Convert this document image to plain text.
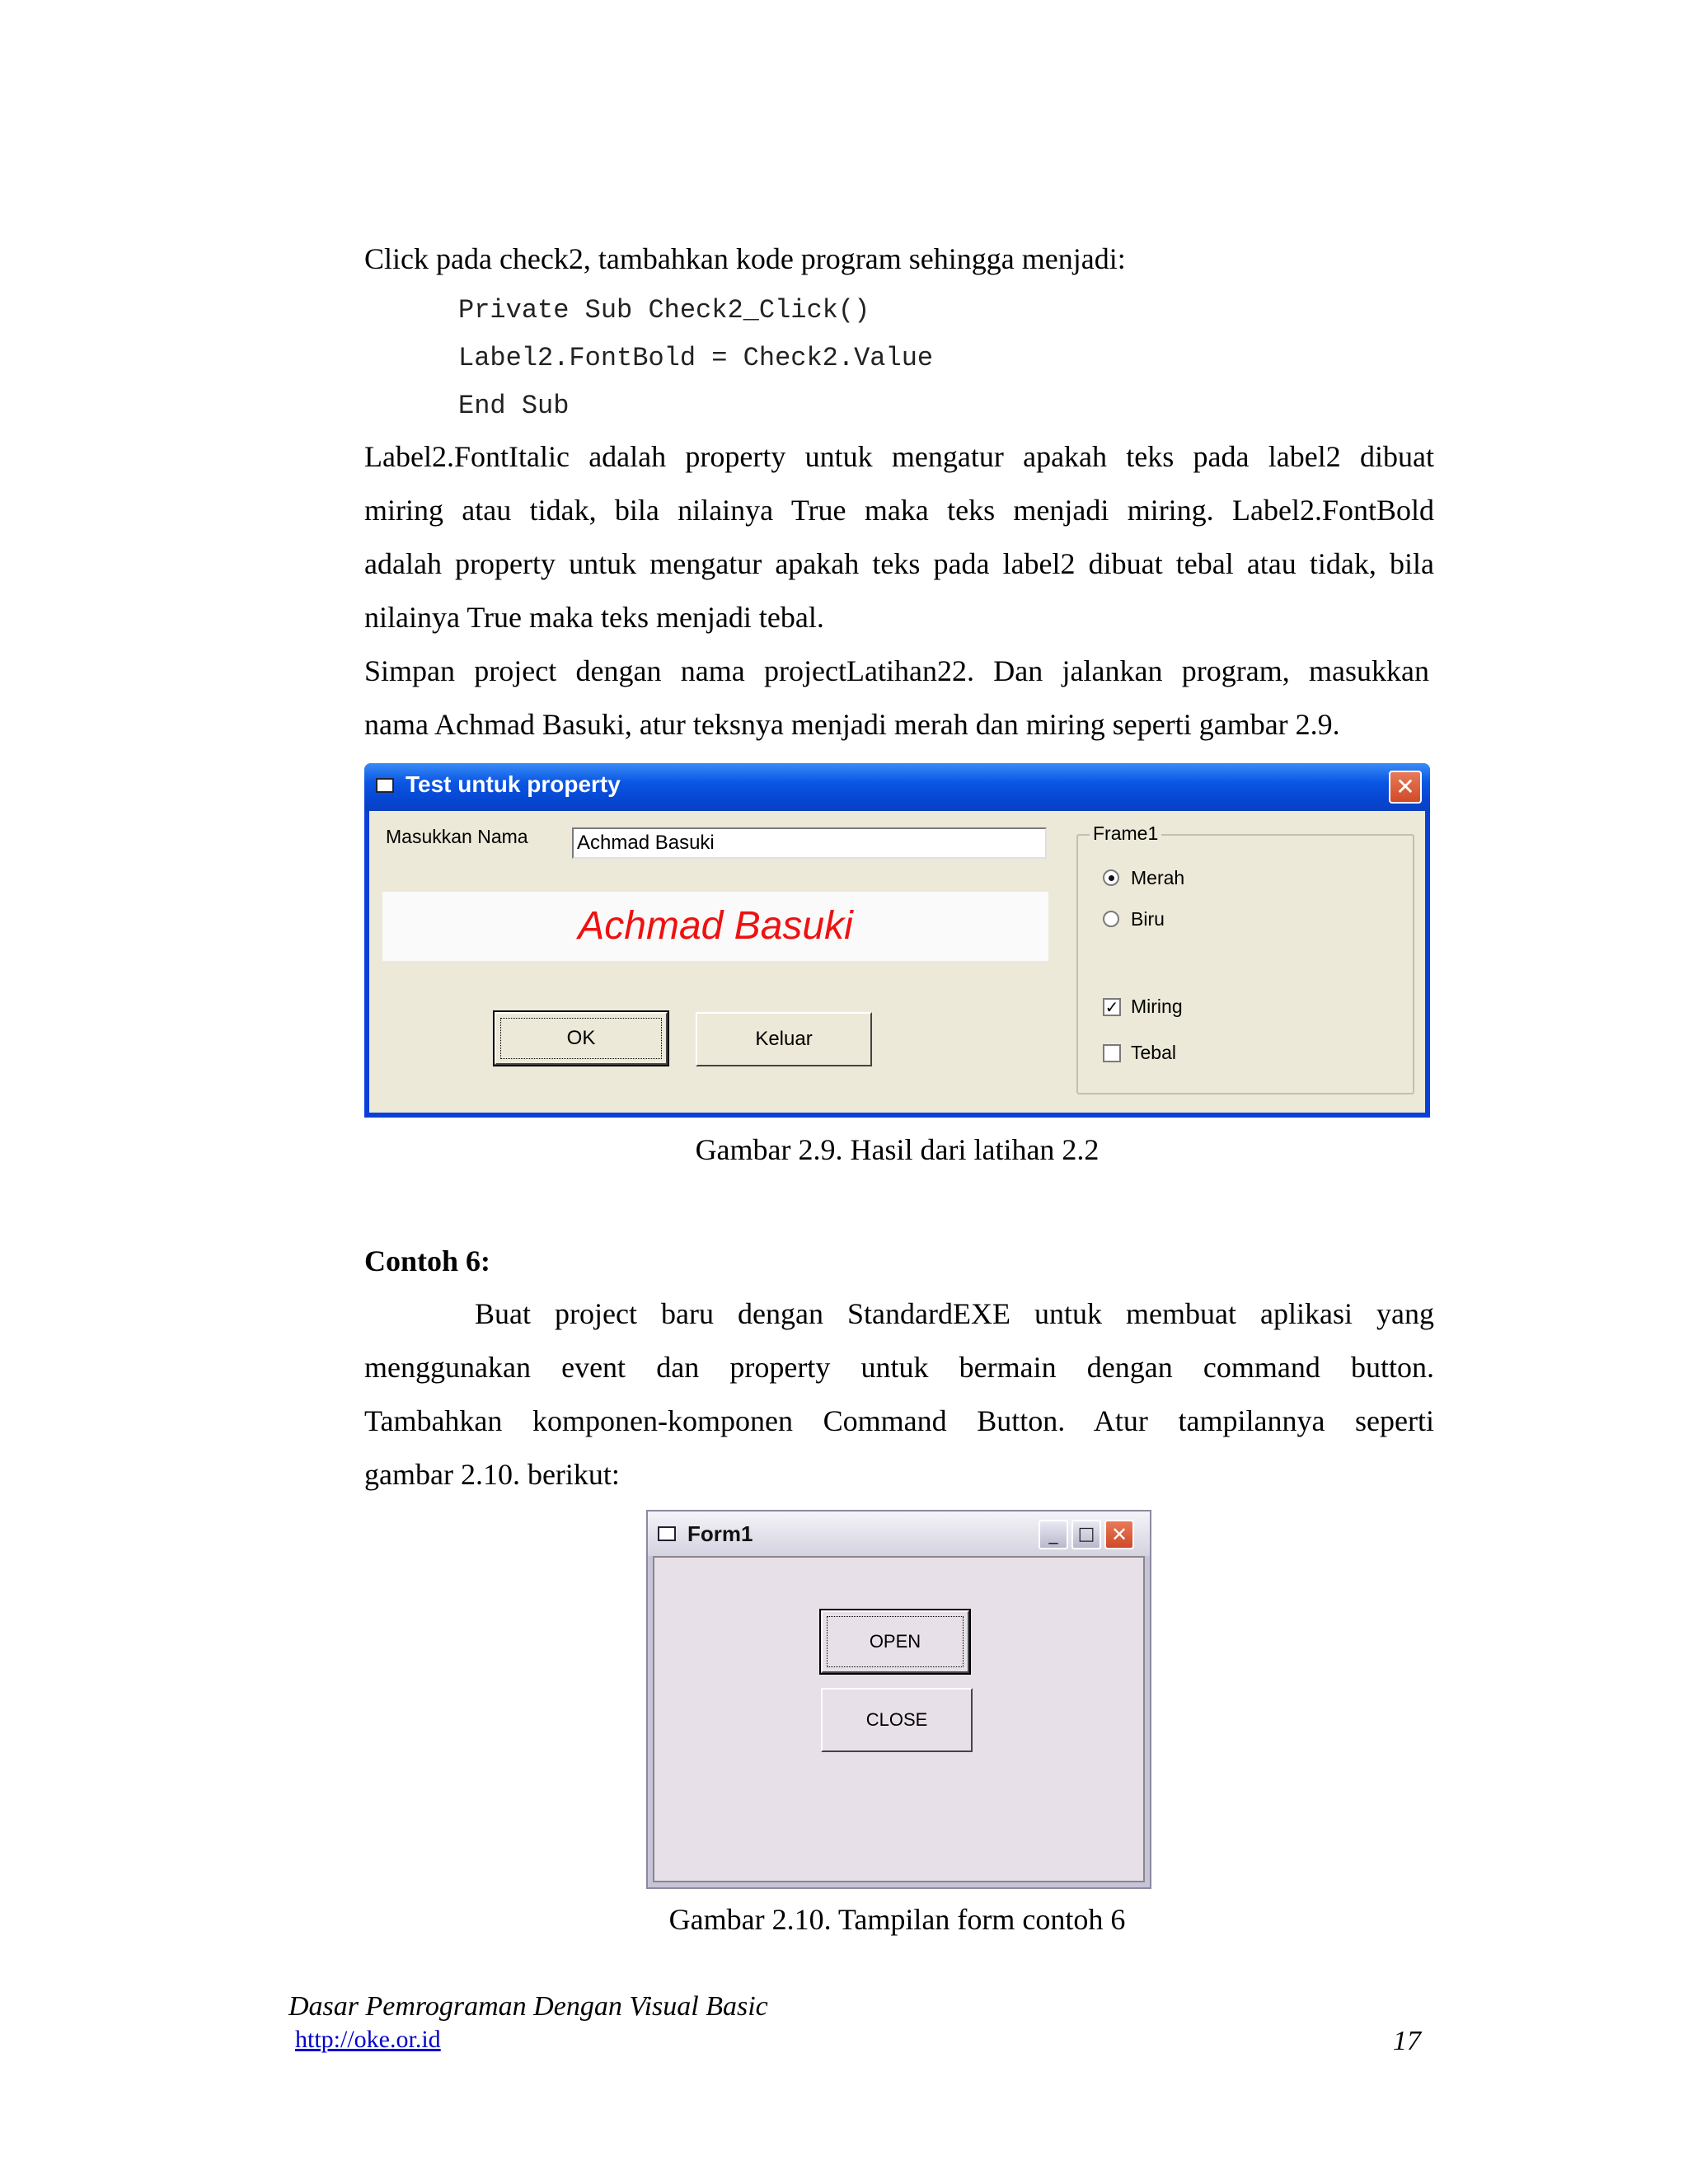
Click pada check2, tambahkan kode program sehingga menjadi:
Private Sub Check2_Click()
Label2.FontBold = Check2.Value
End Sub
Label2.FontItalic adalah property untuk mengatur apakah teks pada label2 dibuat
miring atau tidak, bila nilainya True maka teks menjadi miring. Label2.FontBold
adalah property untuk mengatur apakah teks pada label2 dibuat tebal atau tidak, bila
nilainya True maka teks menjadi tebal.
Simpan project dengan nama projectLatihan22. Dan jalankan program, masukkan
nama Achmad Basuki, atur teksnya menjadi merah dan miring seperti gambar 2.9.
Test untuk property	✕
Masukkan Nama Achmad Basuki
Achmad Basuki
OK	Keluar
Frame1
Merah
Biru
✓ Miring
Tebal
Gambar 2.9. Hasil dari latihan 2.2
Contoh 6:
Buat project baru dengan StandardEXE untuk membuat aplikasi yang
menggunakan event dan property untuk bermain dengan command button.
Tambahkan komponen-komponen Command Button. Atur tampilannya seperti
gambar 2.10. berikut:
Form1	_	□ ✕
OPEN
CLOSE
Gambar 2.10. Tampilan form contoh 6
Dasar Pemrograman Dengan Visual Basic
http://oke.or.id	17
